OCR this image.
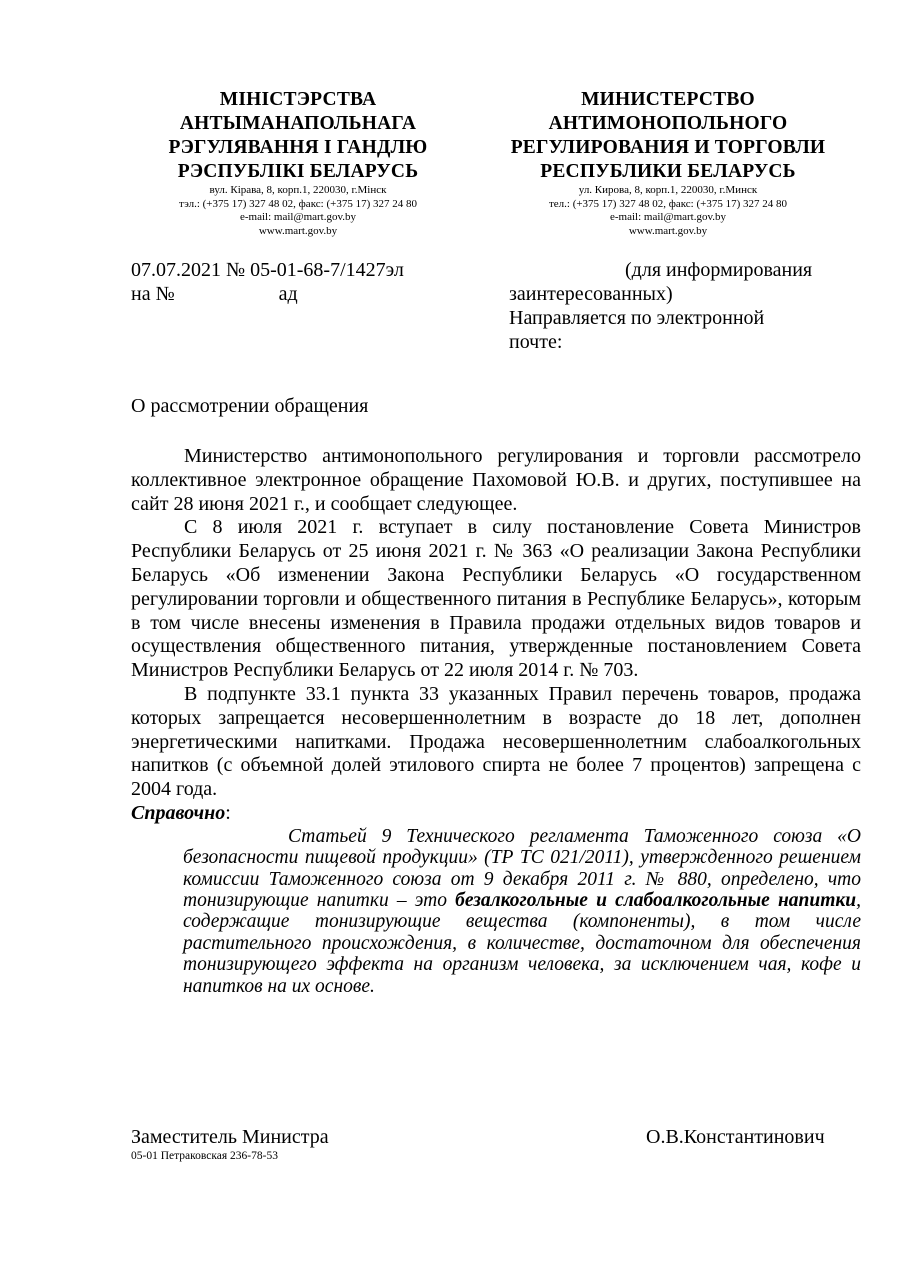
МІНІСТЭРСТВА
АНТЫМАНАПОЛЬНАГА
РЭГУЛЯВАННЯ І ГАНДЛЮ
РЭСПУБЛІКІ БЕЛАРУСЬ
вул. Кірава, 8, корп.1, 220030, г.Мінск
тэл.: (+375 17) 327 48 02, факс: (+375 17) 327 24 80
e-mail: mail@mart.gov.by
www.mart.gov.by
МИНИСТЕРСТВО
АНТИМОНОПОЛЬНОГО
РЕГУЛИРОВАНИЯ И ТОРГОВЛИ
РЕСПУБЛИКИ БЕЛАРУСЬ
ул. Кирова, 8, корп.1, 220030, г.Минск
тел.: (+375 17) 327 48 02, факс: (+375 17) 327 24 80
e-mail: mail@mart.gov.by
www.mart.gov.by
07.07.2021 № 05-01-68-7/1427эл
на №	ад
(для информирования
заинтересованных)
Направляется по электронной
почте:
О рассмотрении обращения

Министерство антимонопольного регулирования и торговли рассмотрело коллективное электронное обращение Пахомовой Ю.В. и других, поступившее на сайт 28 июня 2021 г., и сообщает следующее.

С 8 июля 2021 г. вступает в силу постановление Совета Министров Республики Беларусь от 25 июня 2021 г. № 363 «О реализации Закона Республики Беларусь «Об изменении Закона Республики Беларусь «О государственном регулировании торговли и общественного питания в Республике Беларусь», которым в том числе внесены изменения в Правила продажи отдельных видов товаров и осуществления общественного питания, утвержденные постановлением Совета Министров Республики Беларусь от 22 июля 2014 г. № 703.

В подпункте 33.1 пункта 33 указанных Правил перечень товаров, продажа которых запрещается несовершеннолетним в возрасте до 18 лет, дополнен энергетическими напитками. Продажа несовершеннолетним слабоалкогольных напитков (с объемной долей этилового спирта не более 7 процентов) запрещена с 2004 года.

Справочно:

Статьей 9 Технического регламента Таможенного союза «О безопасности пищевой продукции» (ТР ТС 021/2011), утвержденного решением комиссии Таможенного союза от 9 декабря 2011 г. № 880, определено, что тонизирующие напитки – это безалкогольные и слабоалкогольные напитки, содержащие тонизирующие вещества (компоненты), в том числе растительного происхождения, в количестве, достаточном для обеспечения тонизирующего эффекта на организм человека, за исключением чая, кофе и напитков на их основе.

Заместитель Министра	О.В.Константинович
05-01 Петраковская 236-78-53
